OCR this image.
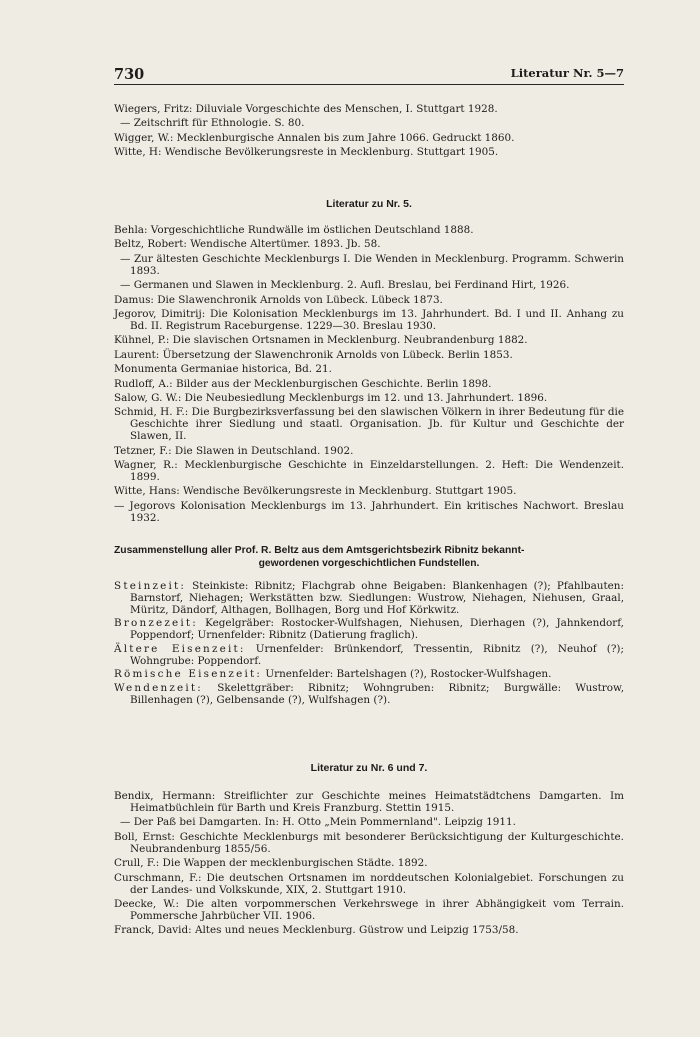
730	Literatur Nr. 5—7

Wiegers, Fritz: Diluviale Vorgeschichte des Menschen, I. Stuttgart 1928.

— Zeitschrift für Ethnologie. S. 80.

Wigger, W.: Mecklenburgische Annalen bis zum Jahre 1066. Gedruckt 1860.

Witte, H: Wendische Bevölkerungsreste in Mecklenburg. Stuttgart 1905.

Literatur zu Nr. 5.

Behla: Vorgeschichtliche Rundwälle im östlichen Deutschland 1888.

Beltz, Robert: Wendische Altertümer. 1893. Jb. 58.

— Zur ältesten Geschichte Mecklenburgs I. Die Wenden in Mecklenburg. Programm. Schwerin 1893.

— Germanen und Slawen in Mecklenburg. 2. Aufl. Breslau, bei Ferdinand Hirt, 1926.

Damus: Die Slawenchronik Arnolds von Lübeck. Lübeck 1873.

Jegorov, Dimitrij: Die Kolonisation Mecklenburgs im 13. Jahrhundert. Bd. I und II. Anhang zu Bd. II. Registrum Raceburgense. 1229—30. Breslau 1930.

Kühnel, P.: Die slavischen Ortsnamen in Mecklenburg. Neubrandenburg 1882.

Laurent: Übersetzung der Slawenchronik Arnolds von Lübeck. Berlin 1853.

Monumenta Germaniae historica, Bd. 21.

Rudloff, A.: Bilder aus der Mecklenburgischen Geschichte. Berlin 1898.

Salow, G. W.: Die Neubesiedlung Mecklenburgs im 12. und 13. Jahrhundert. 1896.

Schmid, H. F.: Die Burgbezirksverfassung bei den slawischen Völkern in ihrer Bedeutung für die Geschichte ihrer Siedlung und staatl. Organisation. Jb. für Kultur und Geschichte der Slawen, II.

Tetzner, F.: Die Slawen in Deutschland. 1902.

Wagner, R.: Mecklenburgische Geschichte in Einzeldarstellungen. 2. Heft: Die Wendenzeit. 1899.

Witte, Hans: Wendische Bevölkerungsreste in Mecklenburg. Stuttgart 1905.

— Jegorovs Kolonisation Mecklenburgs im 13. Jahrhundert. Ein kritisches Nachwort. Breslau 1932.

Zusammenstellung aller Prof. R. Beltz aus dem Amtsgerichtsbezirk Ribnitz bekannt-
gewordenen vorgeschichtlichen Fundstellen.

Steinzeit: Steinkiste: Ribnitz; Flachgrab ohne Beigaben: Blankenhagen (?); Pfahlbauten: Barnstorf, Niehagen; Werkstätten bzw. Siedlungen: Wustrow, Niehagen, Niehusen, Graal, Müritz, Dändorf, Althagen, Bollhagen, Borg und Hof Körkwitz.

Bronzezeit: Kegelgräber: Rostocker-Wulfshagen, Niehusen, Dierhagen (?), Jahnkendorf, Poppendorf; Urnenfelder: Ribnitz (Datierung fraglich).

Ältere Eisenzeit: Urnenfelder: Brünkendorf, Tressentin, Ribnitz (?), Neuhof (?); Wohngrube: Poppendorf.

Römische Eisenzeit: Urnenfelder: Bartelshagen (?), Rostocker-Wulfshagen.

Wendenzeit: Skelettgräber: Ribnitz; Wohngruben: Ribnitz; Burgwälle: Wustrow, Billenhagen (?), Gelbensande (?), Wulfshagen (?).

Literatur zu Nr. 6 und 7.

Bendix, Hermann: Streiflichter zur Geschichte meines Heimatstädtchens Damgarten. Im Heimatbüchlein für Barth und Kreis Franzburg. Stettin 1915.

— Der Paß bei Damgarten. In: H. Otto „Mein Pommernland". Leipzig 1911.

Boll, Ernst: Geschichte Mecklenburgs mit besonderer Berücksichtigung der Kulturgeschichte. Neubrandenburg 1855/56.

Crull, F.: Die Wappen der mecklenburgischen Städte. 1892.

Curschmann, F.: Die deutschen Ortsnamen im norddeutschen Kolonialgebiet. Forschungen zu der Landes- und Volkskunde, XIX, 2. Stuttgart 1910.

Deecke, W.: Die alten vorpommerschen Verkehrswege in ihrer Abhängigkeit vom Terrain. Pommersche Jahrbücher VII. 1906.

Franck, David: Altes und neues Mecklenburg. Güstrow und Leipzig 1753/58.
